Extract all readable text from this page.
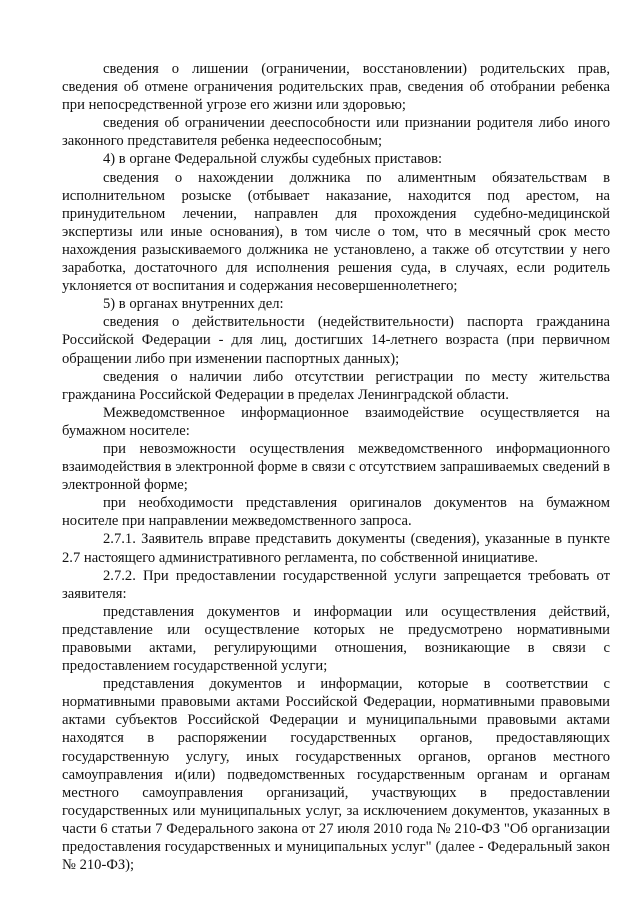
сведения о лишении (ограничении, восстановлении) родительских прав, сведения об отмене ограничения родительских прав, сведения об отобрании ребенка при непосредственной угрозе его жизни или здоровью;

сведения об ограничении дееспособности или признании родителя либо иного законного представителя ребенка недееспособным;

4) в органе Федеральной службы судебных приставов:

сведения о нахождении должника по алиментным обязательствам в исполнительном розыске (отбывает наказание, находится под арестом, на принудительном лечении, направлен для прохождения судебно-медицинской экспертизы или иные основания), в том числе о том, что в месячный срок место нахождения разыскиваемого должника не установлено, а также об отсутствии у него заработка, достаточного для исполнения решения суда, в случаях, если родитель уклоняется от воспитания и содержания несовершеннолетнего;

5) в органах внутренних дел:

сведения о действительности (недействительности) паспорта гражданина Российской Федерации - для лиц, достигших 14-летнего возраста (при первичном обращении либо при изменении паспортных данных);

сведения о наличии либо отсутствии регистрации по месту жительства гражданина Российской Федерации в пределах Ленинградской области.

Межведомственное информационное взаимодействие осуществляется на бумажном носителе:

при невозможности осуществления межведомственного информационного взаимодействия в электронной форме в связи с отсутствием запрашиваемых сведений в электронной форме;

при необходимости представления оригиналов документов на бумажном носителе при направлении межведомственного запроса.

2.7.1. Заявитель вправе представить документы (сведения), указанные в пункте 2.7 настоящего административного регламента, по собственной инициативе.

2.7.2. При предоставлении государственной услуги запрещается требовать от заявителя:

представления документов и информации или осуществления действий, представление или осуществление которых не предусмотрено нормативными правовыми актами, регулирующими отношения, возникающие в связи с предоставлением государственной услуги;

представления документов и информации, которые в соответствии с нормативными правовыми актами Российской Федерации, нормативными правовыми актами субъектов Российской Федерации и муниципальными правовыми актами находятся в распоряжении государственных органов, предоставляющих государственную услугу, иных государственных органов, органов местного самоуправления и(или) подведомственных государственным органам и органам местного самоуправления организаций, участвующих в предоставлении государственных или муниципальных услуг, за исключением документов, указанных в части 6 статьи 7 Федерального закона от 27 июля 2010 года № 210-ФЗ "Об организации предоставления государственных и муниципальных услуг" (далее - Федеральный закон № 210-ФЗ);
